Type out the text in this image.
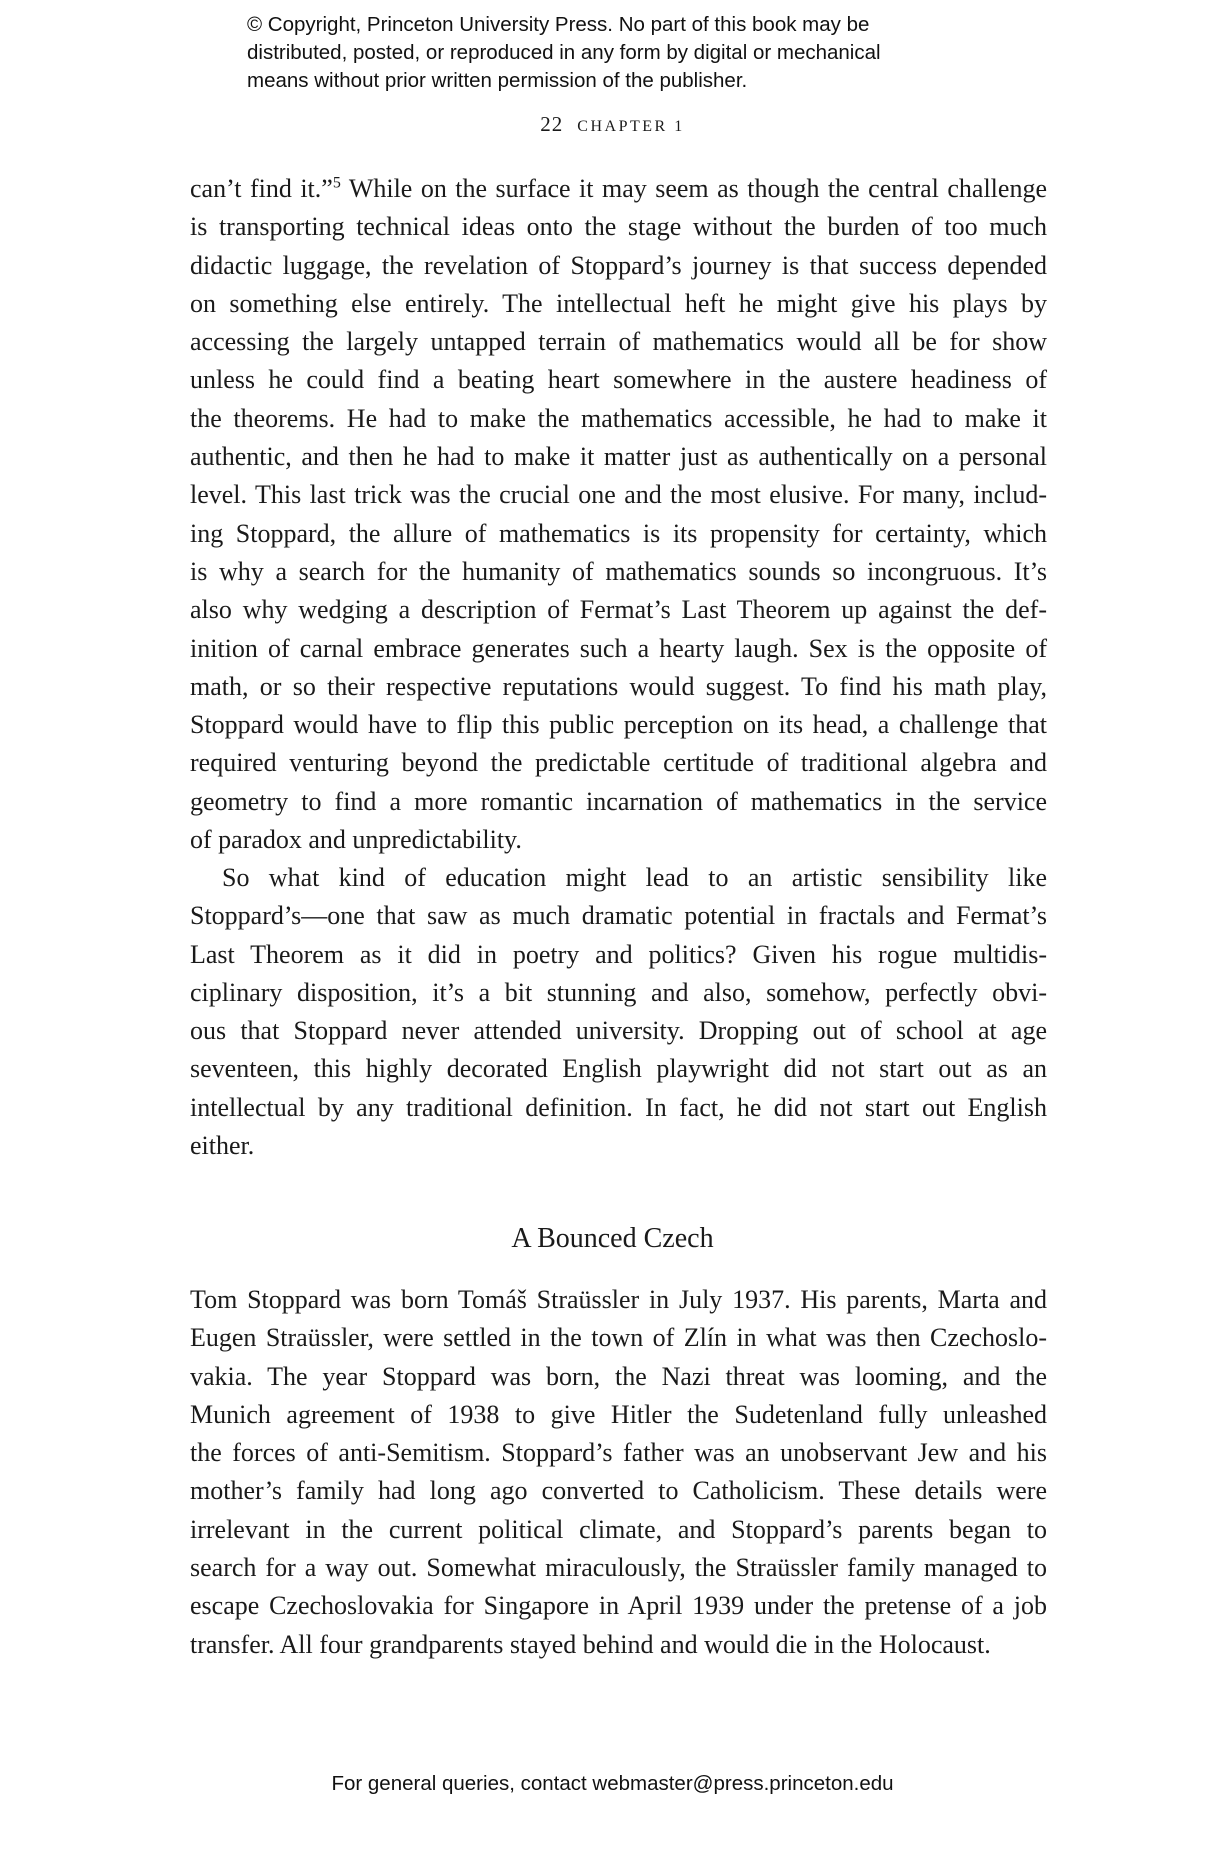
© Copyright, Princeton University Press. No part of this book may be
distributed, posted, or reproduced in any form by digital or mechanical
means without prior written permission of the publisher.
22 CHAPTER 1
can’t find it.”$^5$ While on the surface it may seem as though the central challenge
is transporting technical ideas onto the stage without the burden of too much
didactic luggage, the revelation of Stoppard’s journey is that success depended
on something else entirely. The intellectual heft he might give his plays by
accessing the largely untapped terrain of mathematics would all be for show
unless he could find a beating heart somewhere in the austere headiness of
the theorems. He had to make the mathematics accessible, he had to make it
authentic, and then he had to make it matter just as authentically on a personal
level. This last trick was the crucial one and the most elusive. For many, includ-
ing Stoppard, the allure of mathematics is its propensity for certainty, which
is why a search for the humanity of mathematics sounds so incongruous. It’s
also why wedging a description of Fermat’s Last Theorem up against the def-
inition of carnal embrace generates such a hearty laugh. Sex is the opposite of
math, or so their respective reputations would suggest. To find his math play,
Stoppard would have to flip this public perception on its head, a challenge that
required venturing beyond the predictable certitude of traditional algebra and
geometry to find a more romantic incarnation of mathematics in the service
of paradox and unpredictability.
So what kind of education might lead to an artistic sensibility like
Stoppard’s—one that saw as much dramatic potential in fractals and Fermat’s
Last Theorem as it did in poetry and politics? Given his rogue multidis-
ciplinary disposition, it’s a bit stunning and also, somehow, perfectly obvi-
ous that Stoppard never attended university. Dropping out of school at age
seventeen, this highly decorated English playwright did not start out as an
intellectual by any traditional definition. In fact, he did not start out English
either.
A Bounced Czech
Tom Stoppard was born Tomáš Straüssler in July 1937. His parents, Marta and
Eugen Straüssler, were settled in the town of Zlín in what was then Czechoslo-
vakia. The year Stoppard was born, the Nazi threat was looming, and the
Munich agreement of 1938 to give Hitler the Sudetenland fully unleashed
the forces of anti-Semitism. Stoppard’s father was an unobservant Jew and his
mother’s family had long ago converted to Catholicism. These details were
irrelevant in the current political climate, and Stoppard’s parents began to
search for a way out. Somewhat miraculously, the Straüssler family managed to
escape Czechoslovakia for Singapore in April 1939 under the pretense of a job
transfer. All four grandparents stayed behind and would die in the Holocaust.
For general queries, contact webmaster@press.princeton.edu
